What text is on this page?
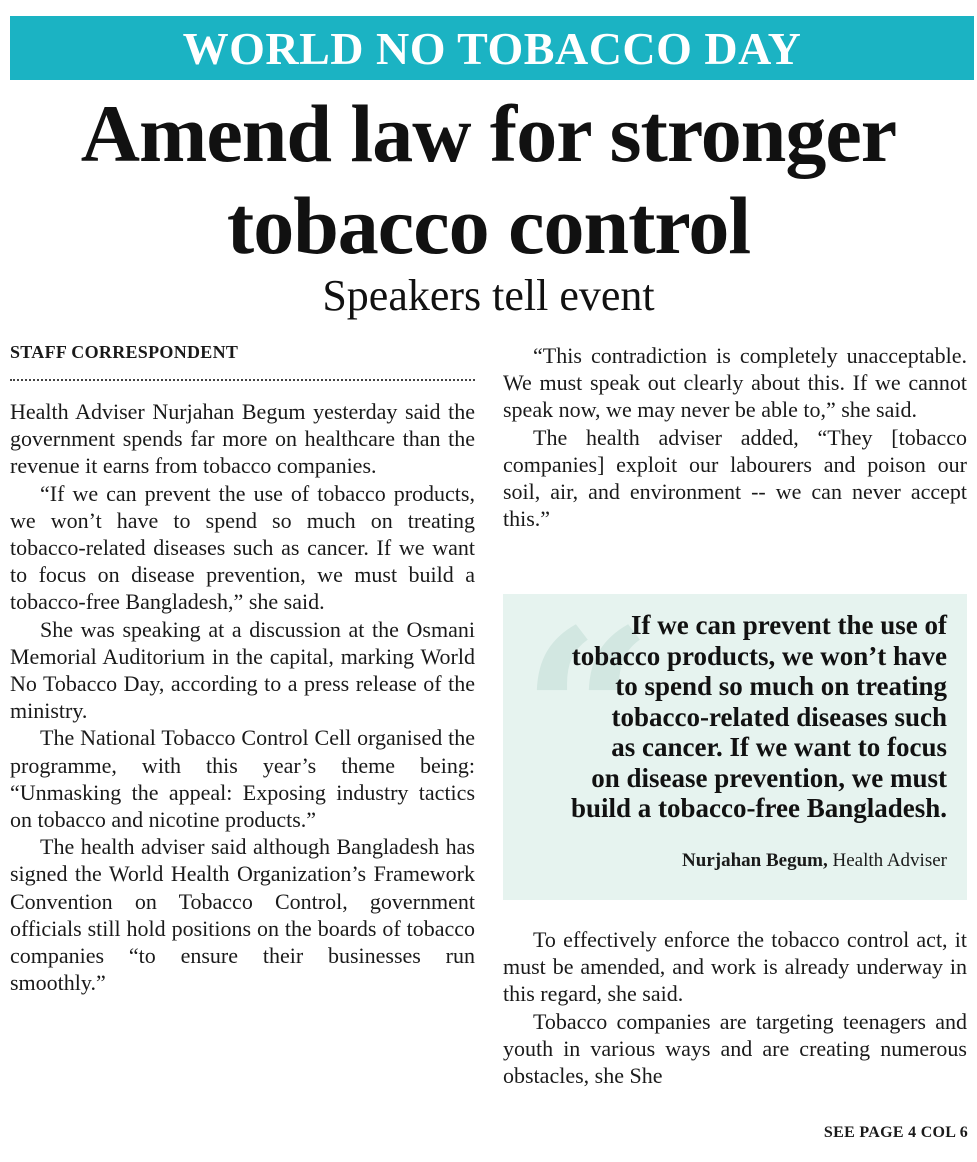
WORLD NO TOBACCO DAY
Amend law for stronger
tobacco control
Speakers tell event
STAFF CORRESPONDENT

Health Adviser Nurjahan Begum yesterday said the government spends far more on healthcare than the revenue it earns from tobacco companies.

“If we can prevent the use of tobacco products, we won’t have to spend so much on treating tobacco-related diseases such as cancer. If we want to focus on disease prevention, we must build a tobacco-free Bangladesh,” she said.

She was speaking at a discussion at the Osmani Memorial Auditorium in the capital, marking World No Tobacco Day, according to a press release of the ministry.

The National Tobacco Control Cell organised the programme, with this year’s theme being: “Unmasking the appeal: Exposing industry tactics on tobacco and nicotine products.”

The health adviser said although Bangladesh has signed the World Health Organization’s Framework Convention on Tobacco Control, government officials still hold positions on the boards of tobacco companies “to ensure their businesses run smoothly.”

“This contradiction is completely unacceptable. We must speak out clearly about this. If we cannot speak now, we may never be able to,” she said.

The health adviser added, “They [tobacco companies] exploit our labourers and poison our soil, air, and environment -- we can never accept this.”

“
If we can prevent the use of
tobacco products, we won’t have
to spend so much on treating
tobacco-related diseases such
as cancer. If we want to focus
on disease prevention, we must
build a tobacco-free Bangladesh.
Nurjahan Begum, Health Adviser

To effectively enforce the tobacco control act, it must be amended, and work is already underway in this regard, she said.

Tobacco companies are targeting teenagers and youth in various ways and are creating numerous obstacles, she She

SEE PAGE 4 COL 6
